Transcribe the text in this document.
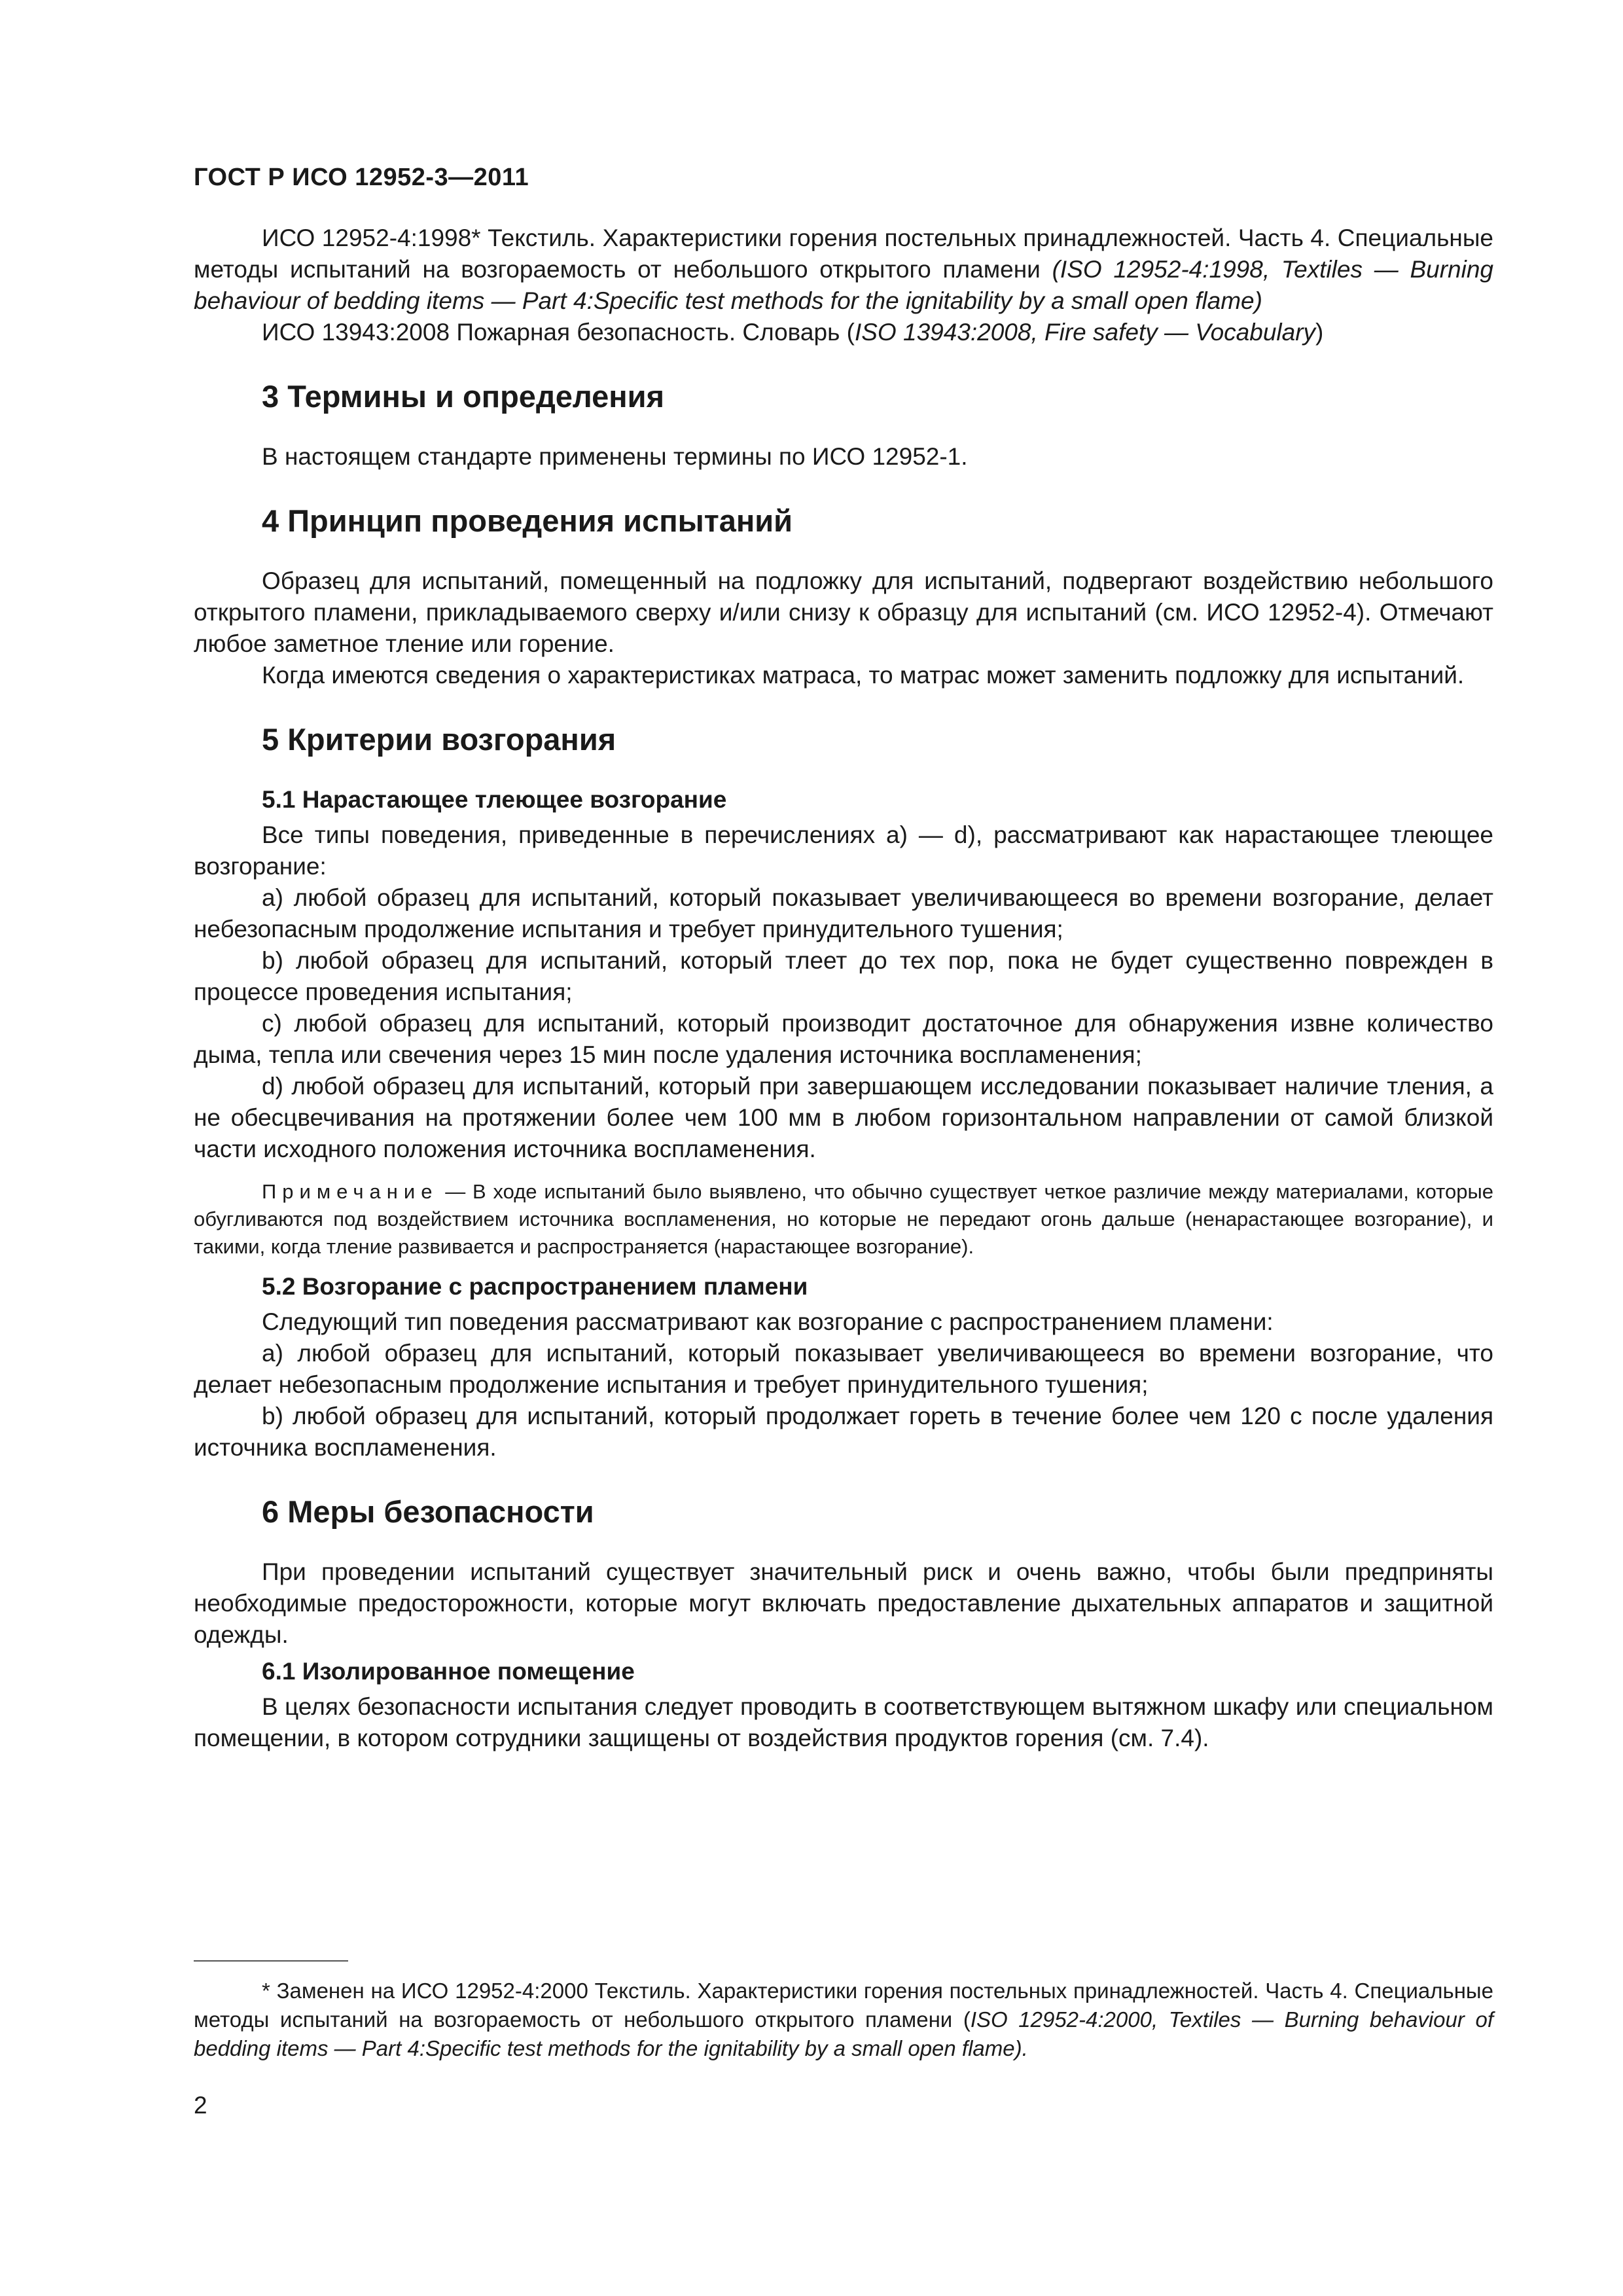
ГОСТ Р ИСО 12952-3—2011

ИСО 12952-4:1998* Текстиль. Характеристики горения постельных принадлежностей. Часть 4. Специальные методы испытаний на возгораемость от небольшого открытого пламени (ISO 12952-4:1998, Textiles — Burning behaviour of bedding items — Part 4:Specific test methods for the ignitability by a small open flame)

ИСО 13943:2008 Пожарная безопасность. Словарь (ISO 13943:2008, Fire safety — Vocabulary)

3 Термины и определения

В настоящем стандарте применены термины по ИСО 12952-1.

4 Принцип проведения испытаний

Образец для испытаний, помещенный на подложку для испытаний, подвергают воздействию небольшого открытого пламени, прикладываемого сверху и/или снизу к образцу для испытаний (см. ИСО 12952-4). Отмечают любое заметное тление или горение.

Когда имеются сведения о характеристиках матраса, то матрас может заменить подложку для испытаний.

5 Критерии возгорания
5.1 Нарастающее тлеющее возгорание

Все типы поведения, приведенные в перечислениях а) — d), рассматривают как нарастающее тлеющее возгорание:

a) любой образец для испытаний, который показывает увеличивающееся во времени возгорание, делает небезопасным продолжение испытания и требует принудительного тушения;

b) любой образец для испытаний, который тлеет до тех пор, пока не будет существенно поврежден в процессе проведения испытания;

c) любой образец для испытаний, который производит достаточное для обнаружения извне количество дыма, тепла или свечения через 15 мин после удаления источника воспламенения;

d) любой образец для испытаний, который при завершающем исследовании показывает наличие тления, а не обесцвечивания на протяжении более чем 100 мм в любом горизонтальном направлении от самой близкой части исходного положения источника воспламенения.

Примечание — В ходе испытаний было выявлено, что обычно существует четкое различие между материалами, которые обугливаются под воздействием источника воспламенения, но которые не передают огонь дальше (ненарастающее возгорание), и такими, когда тление развивается и распространяется (нарастающее возгорание).

5.2 Возгорание с распространением пламени

Следующий тип поведения рассматривают как возгорание с распространением пламени:

a) любой образец для испытаний, который показывает увеличивающееся во времени возгорание, что делает небезопасным продолжение испытания и требует принудительного тушения;

b) любой образец для испытаний, который продолжает гореть в течение более чем 120 с после удаления источника воспламенения.

6 Меры безопасности

При проведении испытаний существует значительный риск и очень важно, чтобы были предприняты необходимые предосторожности, которые могут включать предоставление дыхательных аппаратов и защитной одежды.

6.1 Изолированное помещение

В целях безопасности испытания следует проводить в соответствующем вытяжном шкафу или специальном помещении, в котором сотрудники защищены от воздействия продуктов горения (см. 7.4).

* Заменен на ИСО 12952-4:2000 Текстиль. Характеристики горения постельных принадлежностей. Часть 4. Специальные методы испытаний на возгораемость от небольшого открытого пламени (ISO 12952-4:2000, Textiles — Burning behaviour of bedding items — Part 4:Specific test methods for the ignitability by a small open flame).

2
